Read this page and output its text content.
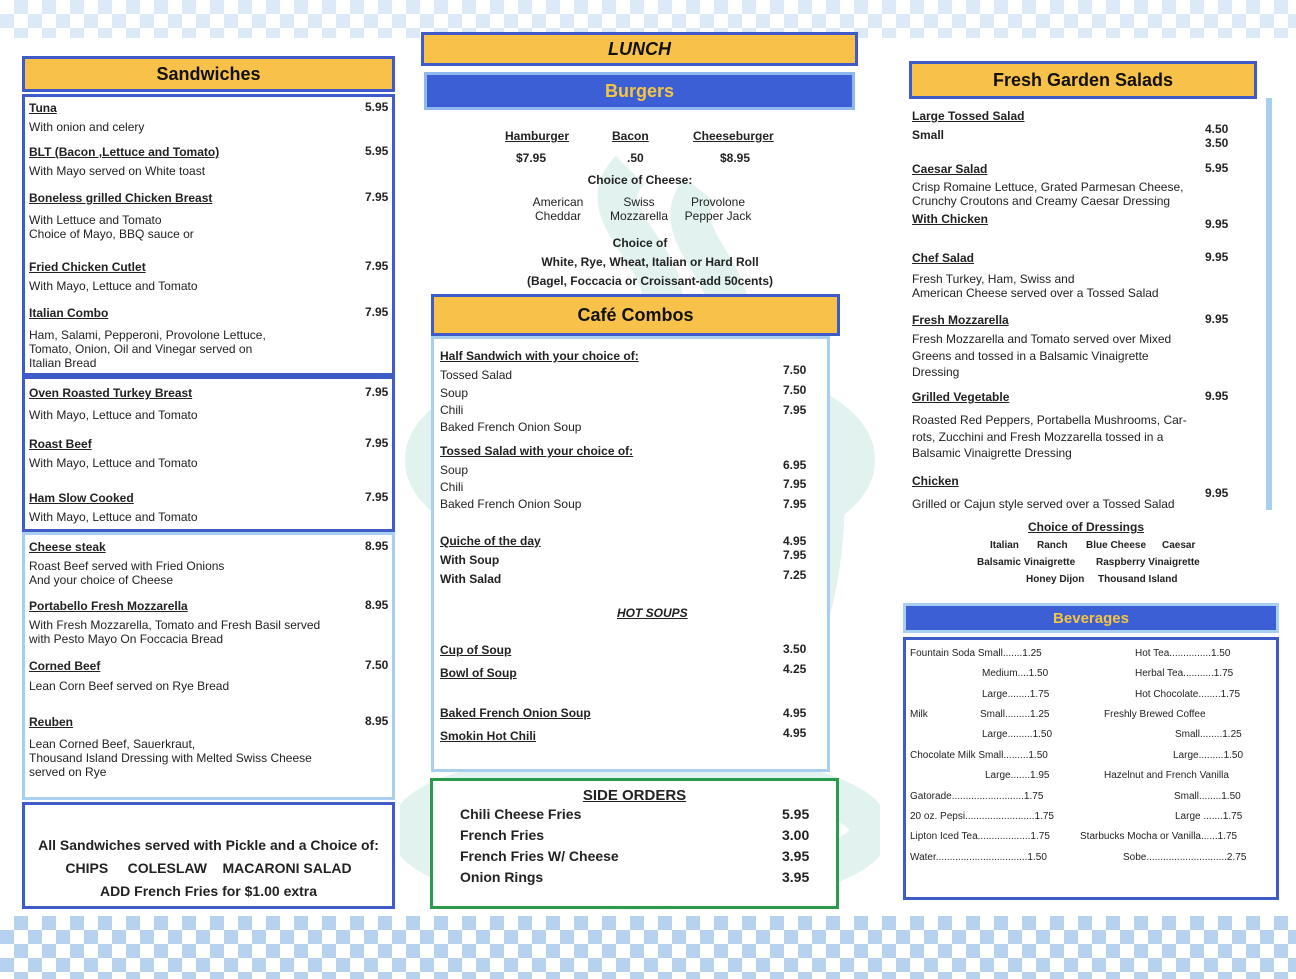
Sandwiches
Tuna	5.95
With onion and celery
BLT (Bacon ,Lettuce and Tomato)	5.95
With Mayo served on White toast
Boneless grilled Chicken Breast	7.95
With Lettuce and Tomato
Choice of Mayo, BBQ sauce or
Fried Chicken Cutlet	7.95
With Mayo, Lettuce and Tomato
Italian Combo	7.95
Ham, Salami, Pepperoni, Provolone Lettuce,
Tomato, Onion, Oil and Vinegar served on
Italian Bread
Oven Roasted Turkey Breast	7.95
With Mayo, Lettuce and Tomato
Roast Beef	7.95
With Mayo, Lettuce and Tomato
Ham Slow Cooked	7.95
With Mayo, Lettuce and Tomato
Cheese steak	8.95
Roast Beef served with Fried Onions
And your choice of Cheese
Portabello Fresh Mozzarella	8.95
With Fresh Mozzarella, Tomato and Fresh Basil served
with Pesto Mayo On Foccacia Bread
Corned Beef	7.50
Lean Corn Beef served on Rye Bread
Reuben	8.95
Lean Corned Beef, Sauerkraut,
Thousand Island Dressing with Melted Swiss Cheese
served on Rye
All Sandwiches served with Pickle and a Choice of:
CHIPS     COLESLAW    MACARONI SALAD
ADD French Fries for $1.00 extra
LUNCH
Burgers
Hamburger	Bacon	Cheeseburger
$7.95	.50	$8.95
Choice of Cheese:
American
Cheddar
Swiss
Mozzarella
Provolone
Pepper Jack
Choice of
White, Rye, Wheat, Italian or Hard Roll
(Bagel, Foccacia or Croissant-add 50cents)
Café Combos
Half Sandwich with your choice of:
Tossed Salad	7.50
Soup	7.50
Chili	7.95
Baked French Onion Soup
Tossed Salad with your choice of:
Soup	6.95
Chili	7.95
Baked French Onion Soup	7.95
Quiche of the day	4.95
With Soup	7.95
With Salad	7.25
HOT SOUPS
Cup of Soup	3.50
Bowl of Soup	4.25
Baked French Onion Soup	4.95
Smokin Hot Chili	4.95
SIDE ORDERS
Chili Cheese Fries	5.95
French Fries	3.00
French Fries W/ Cheese	3.95
Onion Rings	3.95
Fresh Garden Salads
Large Tossed Salad
Small	4.50
3.50
Caesar Salad	5.95
Crisp Romaine Lettuce, Grated Parmesan Cheese,
Crunchy Croutons and Creamy Caesar Dressing
With Chicken	9.95
Chef Salad	9.95
Fresh Turkey, Ham, Swiss and
American Cheese served over a Tossed Salad
Fresh Mozzarella	9.95
Fresh Mozzarella and Tomato served over Mixed
Greens and tossed in a Balsamic Vinaigrette
Dressing
Grilled Vegetable	9.95
Roasted Red Peppers, Portabella Mushrooms, Car-
rots, Zucchini and Fresh Mozzarella tossed in a
Balsamic Vinaigrette Dressing
Chicken
9.95
Grilled or Cajun style served over a Tossed Salad
Choice of Dressings
Italian Ranch Blue Cheese Caesar
Balsamic Vinaigrette Raspberry Vinaigrette
Honey Dijon Thousand Island
Beverages
Fountain Soda Small.......1.25
Medium....1.50
Large........1.75
Milk	Small.........1.25
Large.........1.50
Chocolate Milk Small.........1.50
Large.......1.95
Gatorade..........................1.75
20 oz. Pepsi.........................1.75
Lipton Iced Tea...................1.75
Water.................................1.50
Hot Tea...............1.50
Herbal Tea...........1.75
Hot Chocolate........1.75
Freshly Brewed Coffee
Small........1.25
Large.........1.50
Hazelnut and French Vanilla
Small........1.50
Large .......1.75
Starbucks Mocha or Vanilla......1.75
Sobe.............................2.75
